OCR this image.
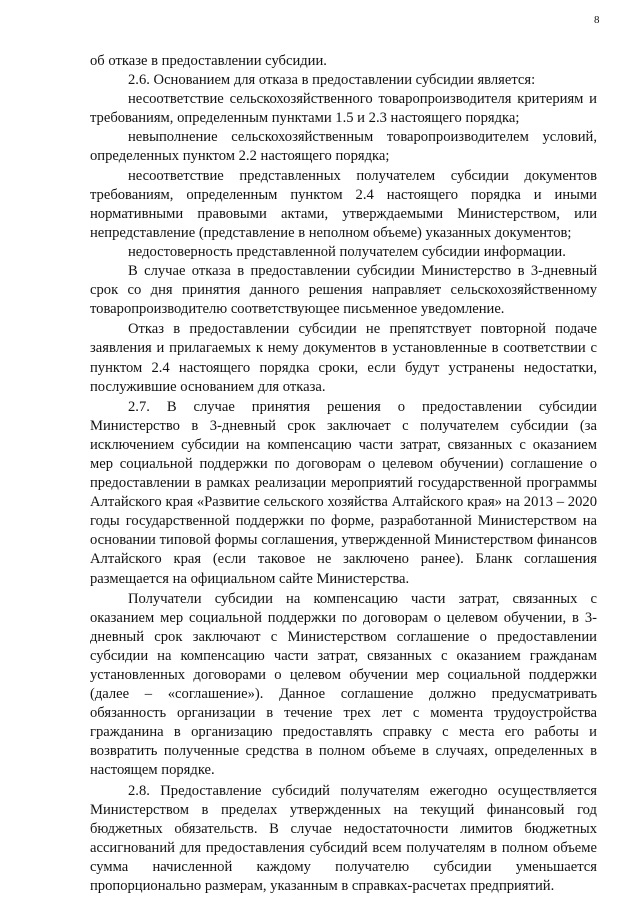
8

об отказе в предоставлении субсидии.

2.6. Основанием для отказа в предоставлении субсидии является:

несоответствие сельскохозяйственного товаропроизводителя критериям и требованиям, определенным пунктами 1.5 и 2.3 настоящего порядка;

невыполнение сельскохозяйственным товаропроизводителем условий, определенных пунктом 2.2 настоящего порядка;

несоответствие представленных получателем субсидии документов требованиям, определенным пунктом 2.4 настоящего порядка и иными нормативными правовыми актами, утверждаемыми Министерством, или непредставление (представление в неполном объеме) указанных документов;

недостоверность представленной получателем субсидии информации.

В случае отказа в предоставлении субсидии Министерство в 3-дневный срок со дня принятия данного решения направляет сельскохозяйственному товаропроизводителю соответствующее письменное уведомление.

Отказ в предоставлении субсидии не препятствует повторной подаче заявления и прилагаемых к нему документов в установленные в соответствии с пунктом 2.4 настоящего порядка сроки, если будут устранены недостатки, послужившие основанием для отказа.

2.7. В случае принятия решения о предоставлении субсидии Министерство в 3-дневный срок заключает с получателем субсидии (за исключением субсидии на компенсацию части затрат, связанных с оказанием мер социальной поддержки по договорам о целевом обучении) соглашение о предоставлении в рамках реализации мероприятий государственной программы Алтайского края «Развитие сельского хозяйства Алтайского края» на 2013 – 2020 годы государственной поддержки по форме, разработанной Министерством на основании типовой формы соглашения, утвержденной Министерством финансов Алтайского края (если таковое не заключено ранее). Бланк соглашения размещается на официальном сайте Министерства.

Получатели субсидии на компенсацию части затрат, связанных с оказанием мер социальной поддержки по договорам о целевом обучении, в 3-дневный срок заключают с Министерством соглашение о предоставлении субсидии на компенсацию части затрат, связанных с оказанием гражданам установленных договорами о целевом обучении мер социальной поддержки (далее – «соглашение»). Данное соглашение должно предусматривать обязанность организации в течение трех лет с момента трудоустройства гражданина в организацию предоставлять справку с места его работы и возвратить полученные средства в полном объеме в случаях, определенных в настоящем порядке.

2.8. Предоставление субсидий получателям ежегодно осуществляется Министерством в пределах утвержденных на текущий финансовый год бюджетных обязательств. В случае недостаточности лимитов бюджетных ассигнований для предоставления субсидий всем получателям в полном объеме сумма начисленной каждому получателю субсидии уменьшается пропорционально размерам, указанным в справках-расчетах предприятий.
